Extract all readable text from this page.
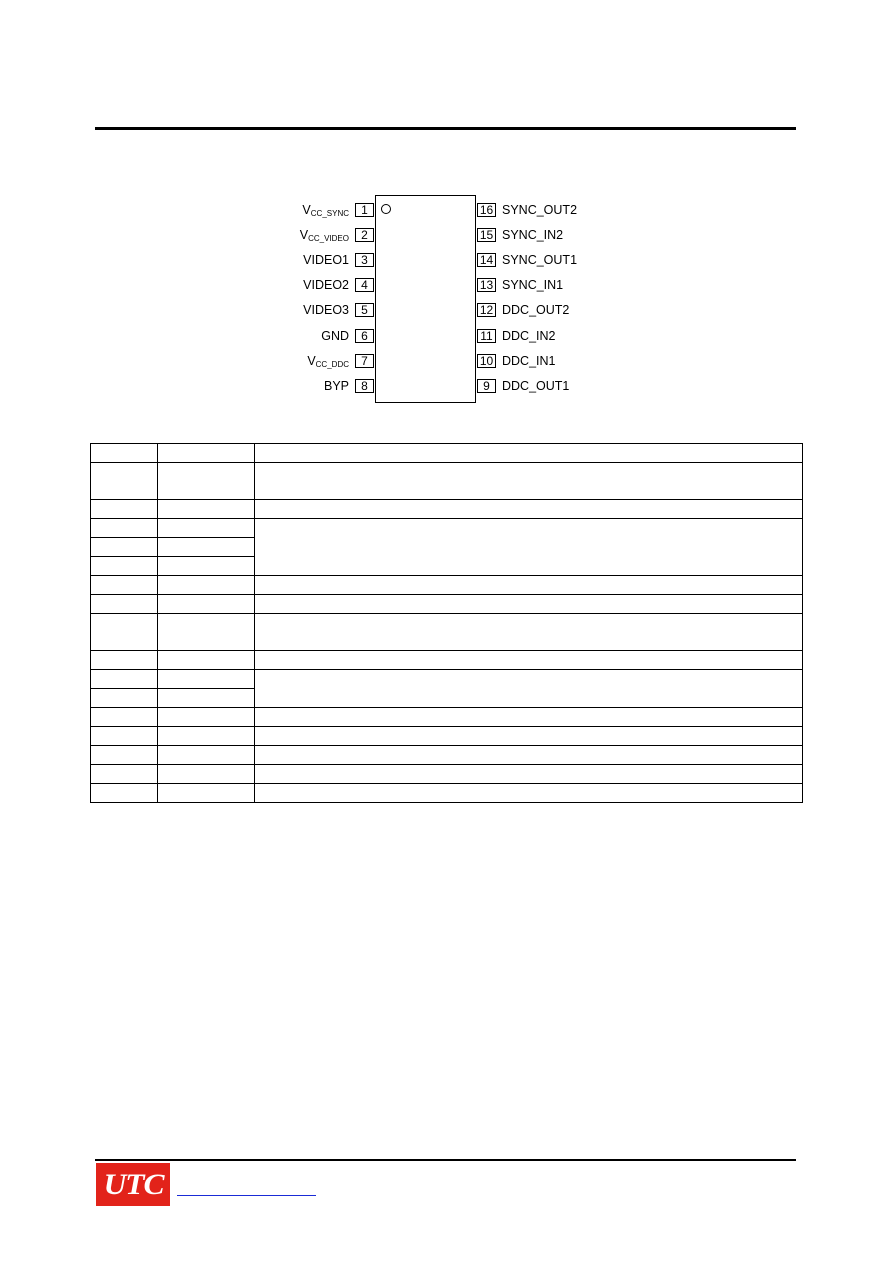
$V_{CC\_SYNC}$	1
$V_{CC\_VIDEO}$	2
VIDEO1	3
VIDEO2	4
VIDEO3	5
GND	6
$V_{CC\_DDC}$	7
BYP	8
16 SYNC_OUT2
15 SYNC_IN2
14 SYNC_OUT1
13 SYNC_IN1
12 DDC_OUT2
11 DDC_IN2
10 DDC_IN1
9 DDC_OUT1

UTC
